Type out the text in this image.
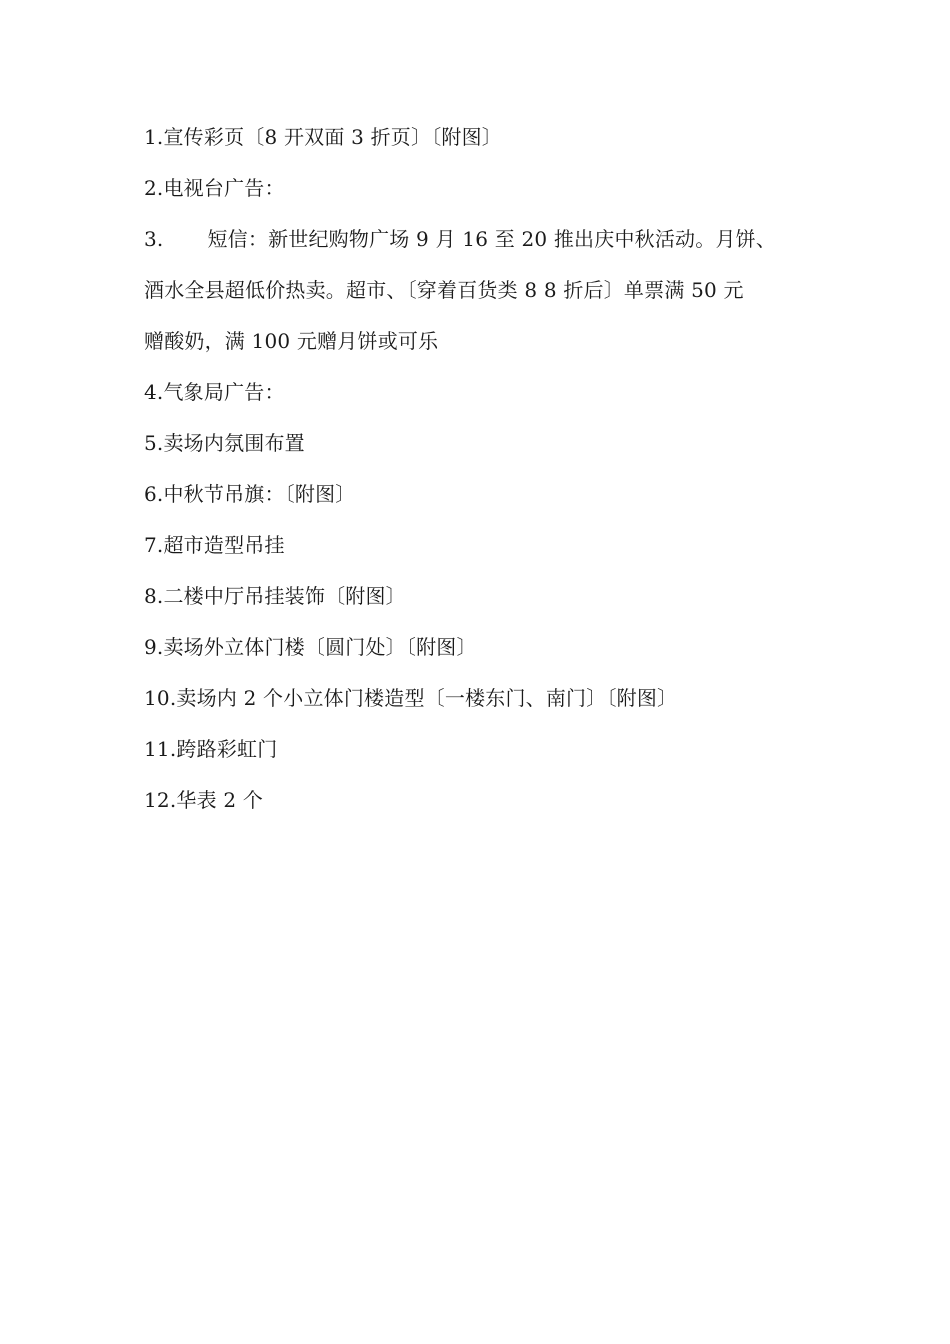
1.宣传彩页〔8 开双面 3 折页〕〔附图〕
2.电视台广告：
3. 短信：新世纪购物广场 9 月 16 至 20 推出庆中秋活动。月饼、
酒水全县超低价热卖。超市、〔穿着百货类 8 8 折后〕单票满 50 元
赠酸奶，满 100 元赠月饼或可乐
4.气象局广告：
5.卖场内氛围布置
6.中秋节吊旗：〔附图〕
7.超市造型吊挂
8.二楼中厅吊挂装饰〔附图〕
9.卖场外立体门楼〔圆门处〕〔附图〕
10.卖场内 2 个小立体门楼造型〔一楼东门、南门〕〔附图〕
11.跨路彩虹门
12.华表 2 个
